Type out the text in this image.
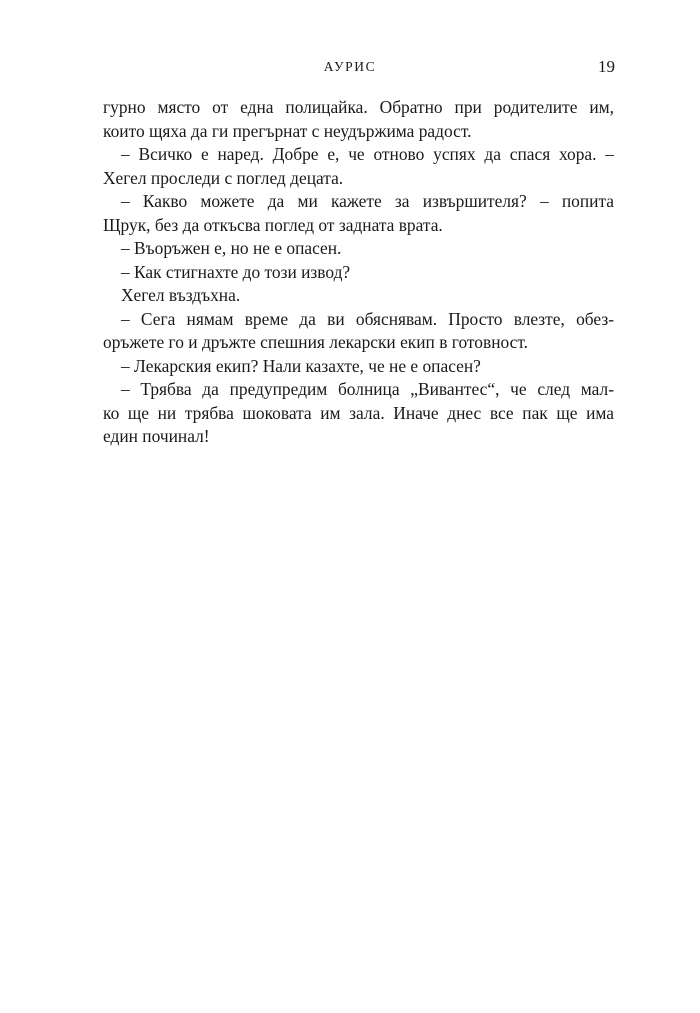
АУРИС	19
гурно място от една полицайка. Обратно при родителите им,
които щяха да ги прегърнат с неудържима радост.
– Всичко е наред. Добре е, че отново успях да спася хора. –
Хегел проследи с поглед децата.
– Какво можете да ми кажете за извършителя? – попита
Щрук, без да откъсва поглед от задната врата.
– Въоръжен е, но не е опасен.
– Как стигнахте до този извод?
Хегел въздъхна.
– Сега нямам време да ви обяснявам. Просто влезте, обез-
оръжете го и дръжте спешния лекарски екип в готовност.
– Лекарския екип? Нали казахте, че не е опасен?
– Трябва да предупредим болница „Вивантес“, че след мал-
ко ще ни трябва шоковата им зала. Иначе днес все пак ще има
един починал!
